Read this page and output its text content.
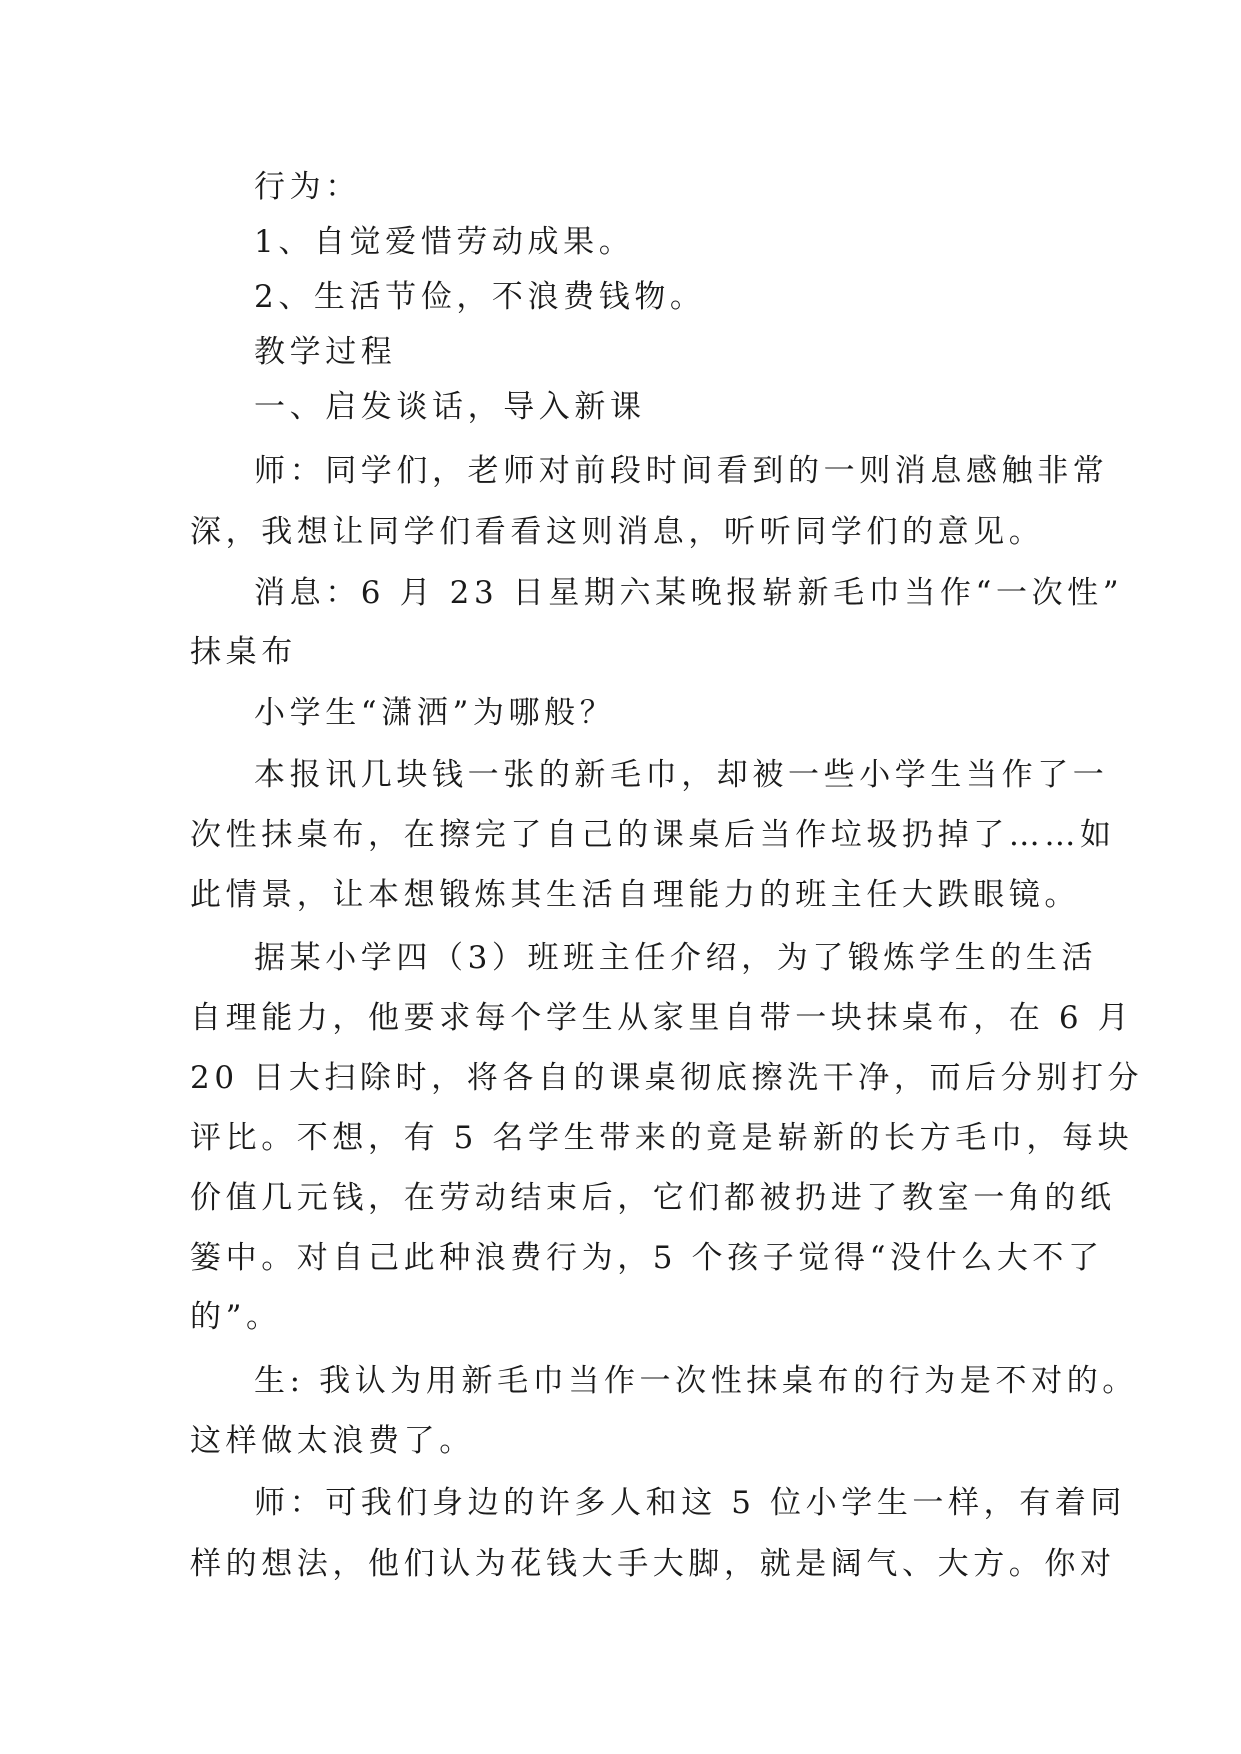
行为：
1、自觉爱惜劳动成果。
2、生活节俭，不浪费钱物。
教学过程
一、启发谈话，导入新课
师：同学们，老师对前段时间看到的一则消息感触非常
深，我想让同学们看看这则消息，听听同学们的意见。
消息：6 月 23 日星期六某晚报崭新毛巾当作“一次性”
抹桌布
小学生“潇洒”为哪般？
本报讯几块钱一张的新毛巾，却被一些小学生当作了一
次性抹桌布，在擦完了自己的课桌后当作垃圾扔掉了……如
此情景，让本想锻炼其生活自理能力的班主任大跌眼镜。
据某小学四（3）班班主任介绍，为了锻炼学生的生活
自理能力，他要求每个学生从家里自带一块抹桌布，在 6 月
20 日大扫除时，将各自的课桌彻底擦洗干净，而后分别打分
评比。不想，有 5 名学生带来的竟是崭新的长方毛巾，每块
价值几元钱，在劳动结束后，它们都被扔进了教室一角的纸
篓中。对自己此种浪费行为，5 个孩子觉得“没什么大不了
的”。
生: 我认为用新毛巾当作一次性抹桌布的行为是不对的。
这样做太浪费了。
师：可我们身边的许多人和这 5 位小学生一样，有着同
样的想法，他们认为花钱大手大脚，就是阔气、大方。你对
